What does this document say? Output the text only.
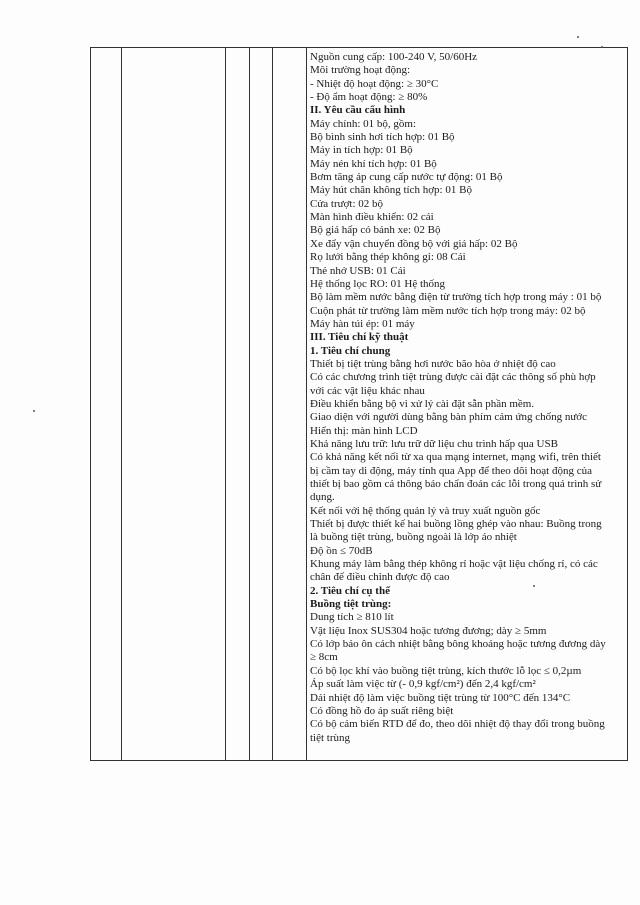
Nguồn cung cấp: 100-240 V, 50/60Hz
Môi trường hoạt động:
- Nhiệt độ hoạt động: ≥ 30°C
- Độ ẩm hoạt động: ≥ 80%
II. Yêu cầu cấu hình
Máy chính: 01 bộ, gồm:
Bộ bình sinh hơi tích hợp: 01 Bộ
Máy in tích hợp: 01 Bộ
Máy nén khí tích hợp: 01 Bộ
Bơm tăng áp cung cấp nước tự động: 01 Bộ
Máy hút chân không tích hợp: 01 Bộ
Cửa trượt: 02 bộ
Màn hình điều khiển: 02 cái
Bộ giá hấp có bánh xe: 02 Bộ
Xe đẩy vận chuyển đồng bộ với giá hấp: 02 Bộ
Rọ lưới bằng thép không gỉ: 08 Cái
Thẻ nhớ USB: 01 Cái
Hệ thống lọc RO: 01 Hệ thống
Bộ làm mềm nước bằng điện từ trường tích hợp trong máy : 01 bộ
Cuộn phát từ trường làm mềm nước tích hợp trong máy: 02 bộ
Máy hàn túi ép: 01 máy
III. Tiêu chí kỹ thuật
1. Tiêu chí chung
Thiết bị tiệt trùng bằng hơi nước bão hòa ở nhiệt độ cao
Có các chương trình tiệt trùng được cài đặt các thông số phù hợp
với các vật liệu khác nhau
Điều khiển bằng bộ vi xử lý cài đặt sẵn phần mềm.
Giao diện với người dùng bằng bàn phím cảm ứng chống nước
Hiển thị: màn hình LCD
Khả năng lưu trữ: lưu trữ dữ liệu chu trình hấp qua USB
Có khả năng kết nối từ xa qua mạng internet, mạng wifi, trên thiết
bị cầm tay di động, máy tính qua App để theo dõi hoạt động của
thiết bị bao gồm cả thông báo chẩn đoán các lỗi trong quá trình sử
dụng.
Kết nối với hệ thống quản lý và truy xuất nguồn gốc
Thiết bị được thiết kế hai buồng lồng ghép vào nhau: Buồng trong
là buồng tiệt trùng, buồng ngoài là lớp áo nhiệt
Độ ồn ≤ 70dB
Khung máy làm bằng thép không rỉ hoặc vật liệu chống rỉ, có các
chân đế điều chỉnh được độ cao
2. Tiêu chí cụ thể
Buồng tiệt trùng:
Dung tích ≥ 810 lít
Vật liệu Inox SUS304 hoặc tương đương; dày ≥ 5mm
Có lớp bảo ôn cách nhiệt bằng bông khoáng hoặc tương đương dày
≥ 8cm
Có bộ lọc khí vào buồng tiệt trùng, kích thước lỗ lọc ≤ 0,2µm
Áp suất làm việc từ (- 0,9 kgf/cm²) đến 2,4 kgf/cm²
Dải nhiệt độ làm việc buồng tiệt trùng từ 100°C đến 134°C
Có đồng hồ đo áp suất riêng biệt
Có bộ cảm biến RTD để đo, theo dõi nhiệt độ thay đổi trong buồng
tiệt trùng
